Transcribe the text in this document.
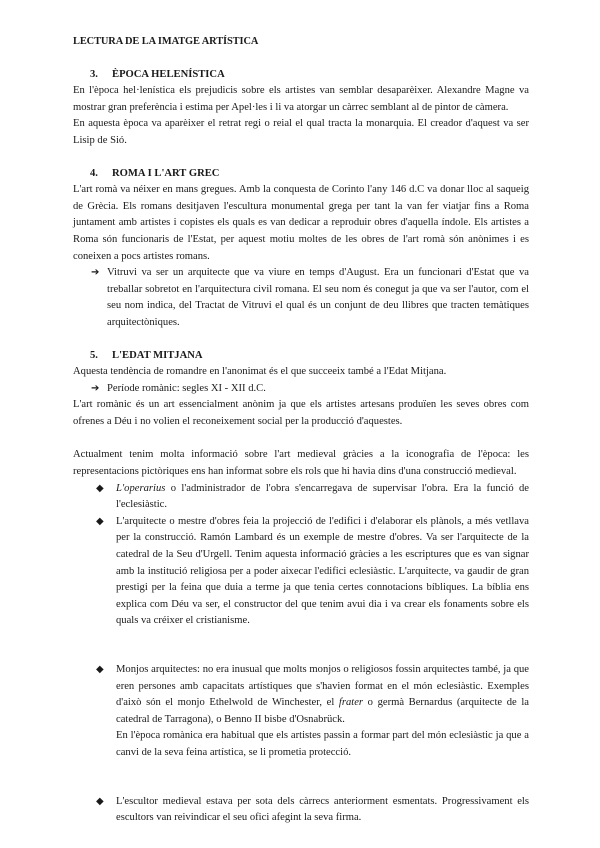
LECTURA DE LA IMATGE ARTÍSTICA
3. ÈPOCA HELENÍSTICA

En l'època hel·lenística els prejudicis sobre els artistes van semblar desaparèixer. Alexandre Magne va mostrar gran preferència i estima per Apel·les i li va atorgar un càrrec semblant al de pintor de càmera.

En aquesta època va aparèixer el retrat regi o reial el qual tracta la monarquia. El creador d'aquest va ser Lisip de Sió.

4. ROMA I L'ART GREC

L'art romà va néixer en mans gregues. Amb la conquesta de Corinto l'any 146 d.C va donar lloc al saqueig de Grècia. Els romans desitjaven l'escultura monumental grega per tant la van fer viatjar fins a Roma juntament amb artistes i copistes els quals es van dedicar a reproduir obres d'aquella índole. Els artistes a Roma són funcionaris de l'Estat, per aquest motiu moltes de les obres de l'art romà són anònimes i es coneixen a pocs artistes romans.

➔ Vitruvi va ser un arquitecte que va viure en temps d'August. Era un funcionari d'Estat que va treballar sobretot en l'arquitectura civil romana. El seu nom és conegut ja que va ser l'autor, com el seu nom indica, del Tractat de Vitruvi el qual és un conjunt de deu llibres que tracten temàtiques arquitectòniques.
5. L'EDAT MITJANA

Aquesta tendència de romandre en l'anonimat és el que succeeix també a l'Edat Mitjana.

➔ Període romànic: segles XI - XII d.C.

L'art romànic és un art essencialment anònim ja que els artistes artesans produïen les seves obres com ofrenes a Déu i no volien el reconeixement social per la producció d'aquestes.

Actualment tenim molta informació sobre l'art medieval gràcies a la iconografia de l'època: les representacions pictòriques ens han informat sobre els rols que hi havia dins d'una construcció medieval.

◆ L'operarius o l'administrador de l'obra s'encarregava de supervisar l'obra. Era la funció de l'eclesiàstic.
◆ L'arquitecte o mestre d'obres feia la projecció de l'edifici i d'elaborar els plànols, a més vetllava per la construcció. Ramón Lambard és un exemple de mestre d'obres. Va ser l'arquitecte de la catedral de la Seu d'Urgell. Tenim aquesta informació gràcies a les escriptures que es van signar amb la institució religiosa per a poder aixecar l'edifici eclesiàstic. L'arquitecte, va gaudir de gran prestigi per la feina que duia a terme ja que tenia certes connotacions bíbliques. La bíblia ens explica com Déu va ser, el constructor del que tenim avui dia i va crear els fonaments sobre els quals va créixer el cristianisme.
◆ Monjos arquitectes: no era inusual que molts monjos o religiosos fossin arquitectes també, ja que eren persones amb capacitats artístiques que s'havien format en el món eclesiàstic. Exemples d'això són el monjo Ethelwold de Winchester, el frater o germà Bernardus (arquitecte de la catedral de Tarragona), o Benno II bisbe d'Osnabrück.
En l'època romànica era habitual que els artistes passin a formar part del món eclesiàstic ja que a canvi de la seva feina artística, se li prometia protecció.
◆ L'escultor medieval estava per sota dels càrrecs anteriorment esmentats. Progressivament els escultors van reivindicar el seu ofici afegint la seva firma.
